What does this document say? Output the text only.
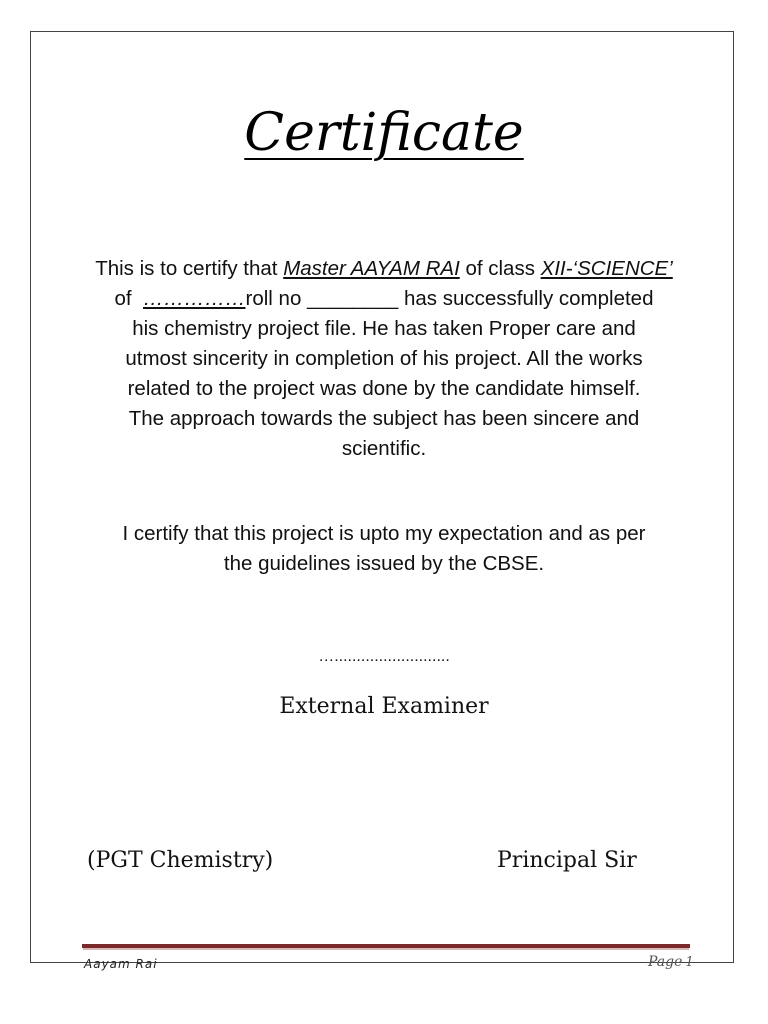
Certificate
This is to certify that Master AAYAM RAI of class XII-‘SCIENCE’
of  ……………roll no ________ has successfully completed
his chemistry project file. He has taken Proper care and
utmost sincerity in completion of his project. All the works
related to the project was done by the candidate himself.
The approach towards the subject has been sincere and
scientific.
I certify that this project is upto my expectation and as per
the guidelines issued by the CBSE.
…..........................
External Examiner
(PGT Chemistry)	Principal Sir
Aayam Rai	Page 1
